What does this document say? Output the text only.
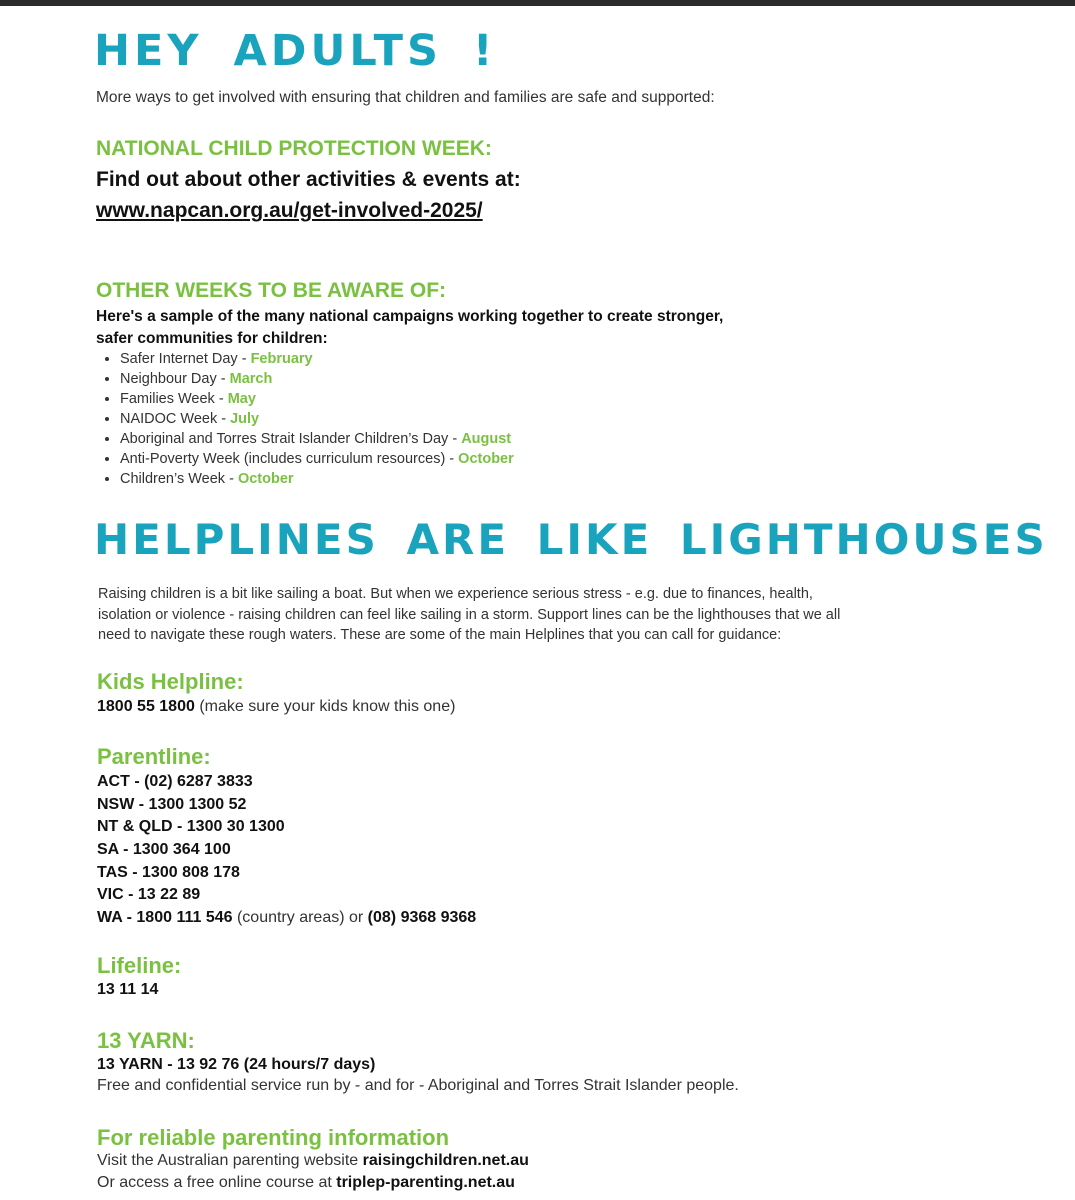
HEY ADULTS !
More ways to get involved with ensuring that children and families are safe and supported:
NATIONAL CHILD PROTECTION WEEK:
Find out about other activities & events at:
www.napcan.org.au/get-involved-2025/
OTHER WEEKS TO BE AWARE OF:
Here's a sample of the many national campaigns working together to create stronger,
safer communities for children:
• Safer Internet Day - February
• Neighbour Day - March
• Families Week - May
• NAIDOC Week - July
• Aboriginal and Torres Strait Islander Children’s Day - August
• Anti-Poverty Week (includes curriculum resources) - October
• Children’s Week - October
HELPLINES ARE LIKE LIGHTHOUSES
Raising children is a bit like sailing a boat. But when we experience serious stress - e.g. due to finances, health,
isolation or violence - raising children can feel like sailing in a storm. Support lines can be the lighthouses that we all
need to navigate these rough waters. These are some of the main Helplines that you can call for guidance:
Kids Helpline:
1800 55 1800 (make sure your kids know this one)
Parentline:
ACT - (02) 6287 3833
NSW - 1300 1300 52
NT & QLD - 1300 30 1300
SA - 1300 364 100
TAS - 1300 808 178
VIC - 13 22 89
WA - 1800 111 546 (country areas) or (08) 9368 9368
Lifeline:
13 11 14
13 YARN:
13 YARN - 13 92 76 (24 hours/7 days)
Free and confidential service run by - and for - Aboriginal and Torres Strait Islander people.
For reliable parenting information
Visit the Australian parenting website raisingchildren.net.au
Or access a free online course at triplep-parenting.net.au
